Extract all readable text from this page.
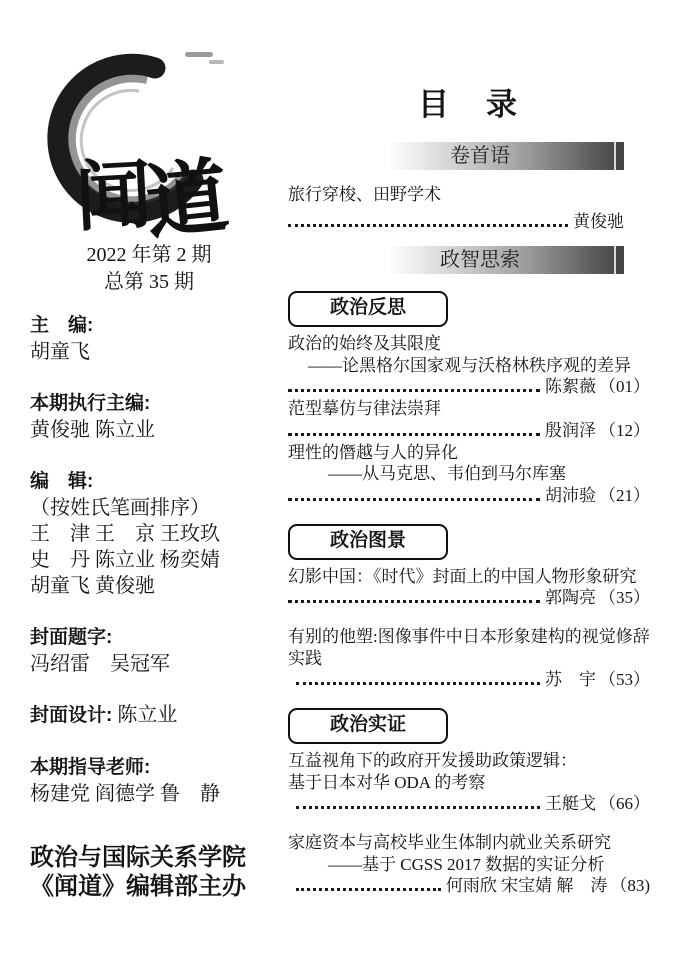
闻
道
2022 年第 2 期
总第 35 期
主　编:
胡童飞
本期执行主编:
黄俊驰 陈立业
编　辑:
（按姓氏笔画排序）
王　津 王　京 王玫玖
史　丹 陈立业 杨奕婧
胡童飞 黄俊驰
封面题字:
冯绍雷　吴冠军
封面设计: 陈立业
本期指导老师:
杨建党 阎德学 鲁　静
政治与国际关系学院
《闻道》编辑部主办
目　录
卷首语
旅行穿梭、田野学术
黄俊驰
政智思索
政治反思
政治的始终及其限度
——论黑格尔国家观与沃格林秩序观的差异
陈絮薇 （01）
范型摹仿与律法崇拜
殷润泽 （12）
理性的僭越与人的异化
——从马克思、韦伯到马尔库塞
胡沛验 （21）
政治图景
幻影中国：《时代》封面上的中国人物形象研究
郭陶亮 （35）
有别的他塑:图像事件中日本形象建构的视觉修辞实践
苏　宇 （53）
政治实证
互益视角下的政府开发援助政策逻辑：
基于日本对华 ODA 的考察
王艇戈 （66）
家庭资本与高校毕业生体制内就业关系研究
——基于 CGSS 2017 数据的实证分析
何雨欣 宋宝婧 解　涛 （83)
